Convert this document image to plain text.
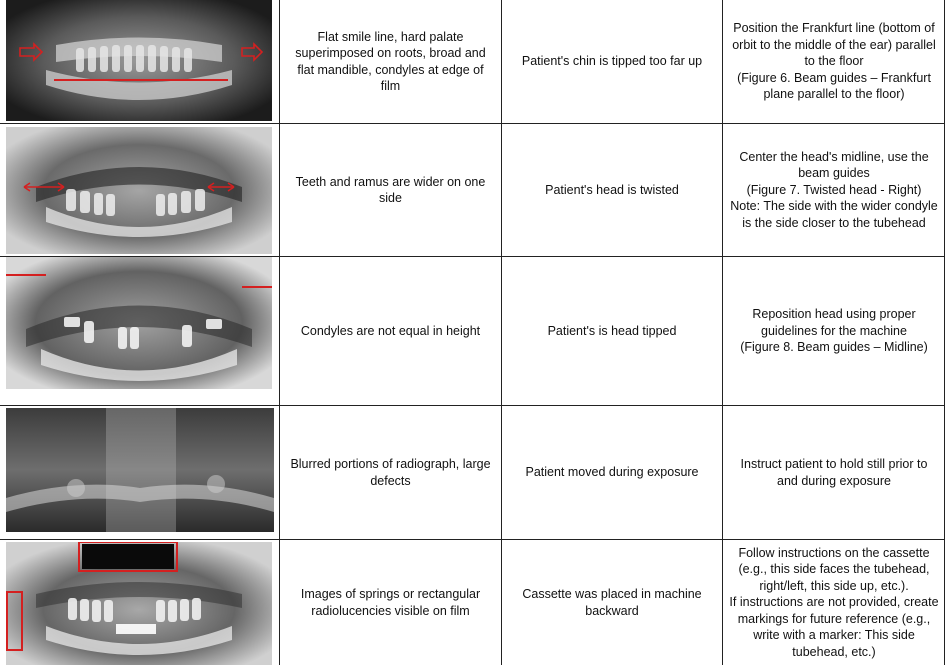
Flat smile line, hard palate superimposed on roots, broad and flat mandible, condyles at edge of film
Patient's chin is tipped too far up
Position the Frankfurt line (bottom of orbit to the middle of the ear) parallel to the floor
(Figure 6. Beam guides – Frankfurt plane parallel to the floor)
Teeth and ramus are wider on one side
Patient's head is twisted
Center the head's midline, use the beam guides
(Figure 7. Twisted head - Right)
Note: The side with the wider condyle is the side closer to the tubehead
Condyles are not equal in height	Patient's is head tipped
Reposition head using proper guidelines for the machine
(Figure 8. Beam guides – Midline)
Blurred portions of radiograph, large defects
Patient moved during exposure
Instruct patient to hold still prior to and during exposure
Images of springs or rectangular radiolucencies visible on film
Cassette was placed in machine backward
Follow instructions on the cassette (e.g., this side faces the tubehead, right/left, this side up, etc.).
If instructions are not provided, create markings for future reference (e.g., write with a marker: This side tubehead, etc.)
